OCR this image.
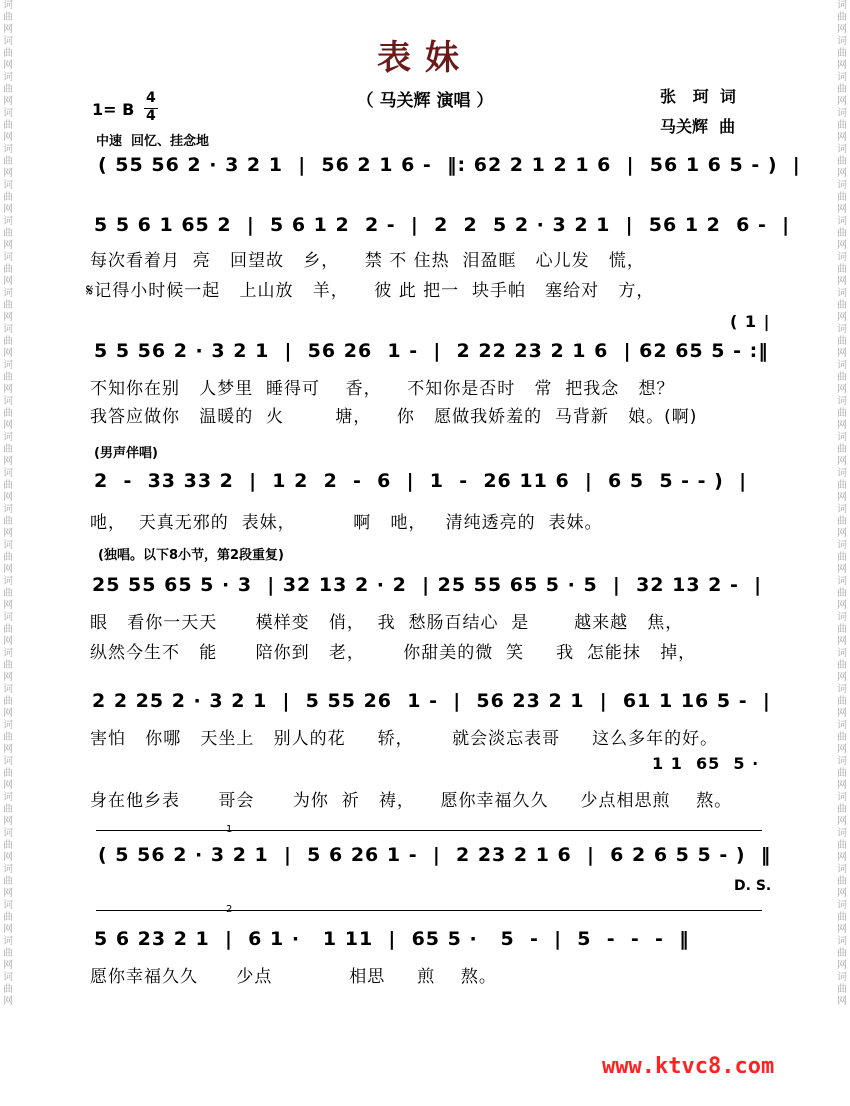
词曲网词曲网词曲网词曲网词曲网词曲网词曲网词曲网词曲网词曲网词曲网词曲网词曲网词曲网词曲网词曲网词曲网词曲网词曲网词曲网词曲网词曲网词曲网词曲网词曲网词曲网词曲网词曲网
词曲网词曲网词曲网词曲网词曲网词曲网词曲网词曲网词曲网词曲网词曲网词曲网词曲网词曲网词曲网词曲网词曲网词曲网词曲网词曲网词曲网词曲网词曲网词曲网词曲网词曲网词曲网词曲网
表妹
（ 马关辉 演唱 ）
1= B
4
4
中速  回忆、挂念地
张   珂  词
马关辉  曲
( 55 56 2 · 3 2 1  |  56 2 1 6 -  ‖: 62 2 1 2 1 6  |  56 1 6 5 - )  |
5 5 6 1 65 2  |  5 6 1 2  2 -  |  2  2  5 2 · 3 2 1  |  56 1 2  6 -  |
每次看着月  亮   回望故   乡，    禁 不 住热  泪盈眶   心儿发   慌，
𝄋记得小时候一起   上山放   羊，    彼 此 把一  块手帕   塞给对   方，
( 1 |
5 5 56 2 · 3 2 1  |  56 26  1 -  |  2 22 23 2 1 6  | 62 65 5 - :‖
不知你在别   人梦里  睡得可    香，    不知你是否时   常  把我念   想？
我答应做你   温暖的  火        塘，    你   愿做我娇羞的  马背新   娘。(啊)
(男声伴唱)
2  -  33 33 2  |  1 2  2  -  6  |  1  -  26 11 6  |  6 5  5 - - )  |
吔，  天真无邪的  表妹，         啊   吔，   清纯透亮的  表妹。
(独唱。以下8小节，第2段重复)
25 55 65 5 · 3  | 32 13 2 · 2  | 25 55 65 5 · 5  |  32 13 2 -  |
眼   看你一天天      模样变   俏，  我  愁肠百结心  是       越来越   焦，
纵然今生不   能      陪你到   老，      你甜美的微  笑     我  怎能抹   掉，
2 2 25 2 · 3 2 1  |  5 55 26  1 -  |  56 23 2 1  |  61 1 16 5 -  |
害怕   你哪   天坐上   别人的花     轿，      就会淡忘表哥     这么多年的好。
1 1  65  5 ·
身在他乡表      哥会      为你  祈   祷，    愿你幸福久久     少点相思煎    熬。
1
( 5 56 2 · 3 2 1  |  5 6 26 1 -  |  2 23 2 1 6  |  6 2 6 5 5 - )  ‖
D. S.
2
5 6 23 2 1  |  6 1 ·   1 11  |  65 5 ·   5  -  |  5  -  -  -  ‖
愿你幸福久久      少点            相思     煎    熬。
www.ktvc8.com
